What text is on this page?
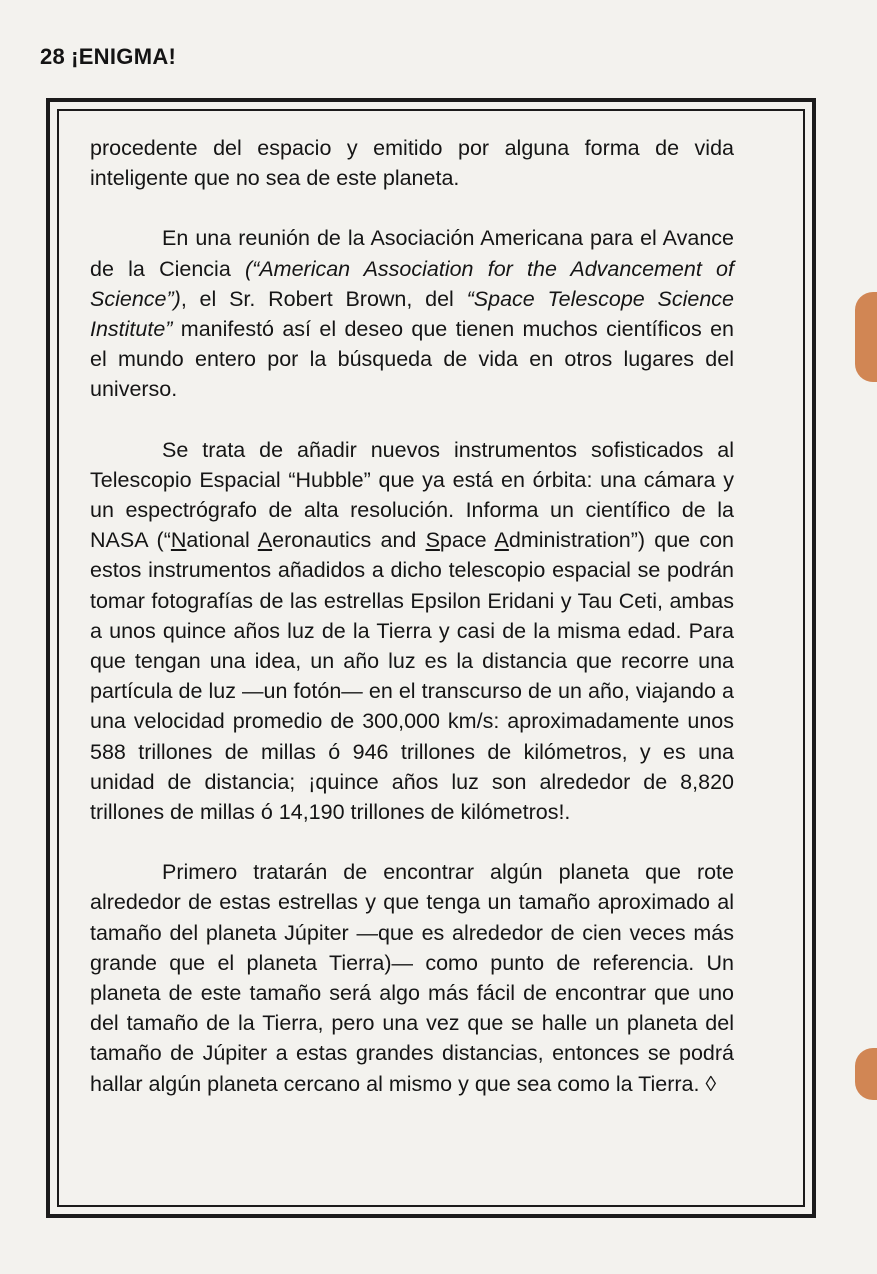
28 ¡ENIGMA!

procedente del espacio y emitido por alguna forma de vida inteligente que no sea de este planeta.

En una reunión de la Asociación Americana para el Avance de la Ciencia (“American Association for the Advancement of Science”), el Sr. Robert Brown, del “Space Telescope Science Institute” manifestó así el deseo que tienen muchos científicos en el mundo entero por la búsqueda de vida en otros lugares del universo.

Se trata de añadir nuevos instrumentos sofisticados al Telescopio Espacial “Hubble” que ya está en órbita: una cámara y un espectrógrafo de alta resolución. Informa un científico de la NASA (“National Aeronautics and Space Administration”) que con estos instrumentos añadidos a dicho telescopio espacial se podrán tomar fotografías de las estrellas Epsilon Eridani y Tau Ceti, ambas a unos quince años luz de la Tierra y casi de la misma edad. Para que tengan una idea, un año luz es la distancia que recorre una partícula de luz —un fotón— en el transcurso de un año, viajando a una velocidad promedio de 300,000 km/s: aproximadamente unos 588 trillones de millas ó 946 trillones de kilómetros, y es una unidad de distancia; ¡quince años luz son alrededor de 8,820 trillones de millas ó 14,190 trillones de kilómetros!.

Primero tratarán de encontrar algún planeta que rote alrededor de estas estrellas y que tenga un tamaño aproximado al tamaño del planeta Júpiter —que es alrededor de cien veces más grande que el planeta Tierra)— como punto de referencia. Un planeta de este tamaño será algo más fácil de encontrar que uno del tamaño de la Tierra, pero una vez que se halle un planeta del tamaño de Júpiter a estas grandes distancias, entonces se podrá hallar algún planeta cercano al mismo y que sea como la Tierra. ◊
